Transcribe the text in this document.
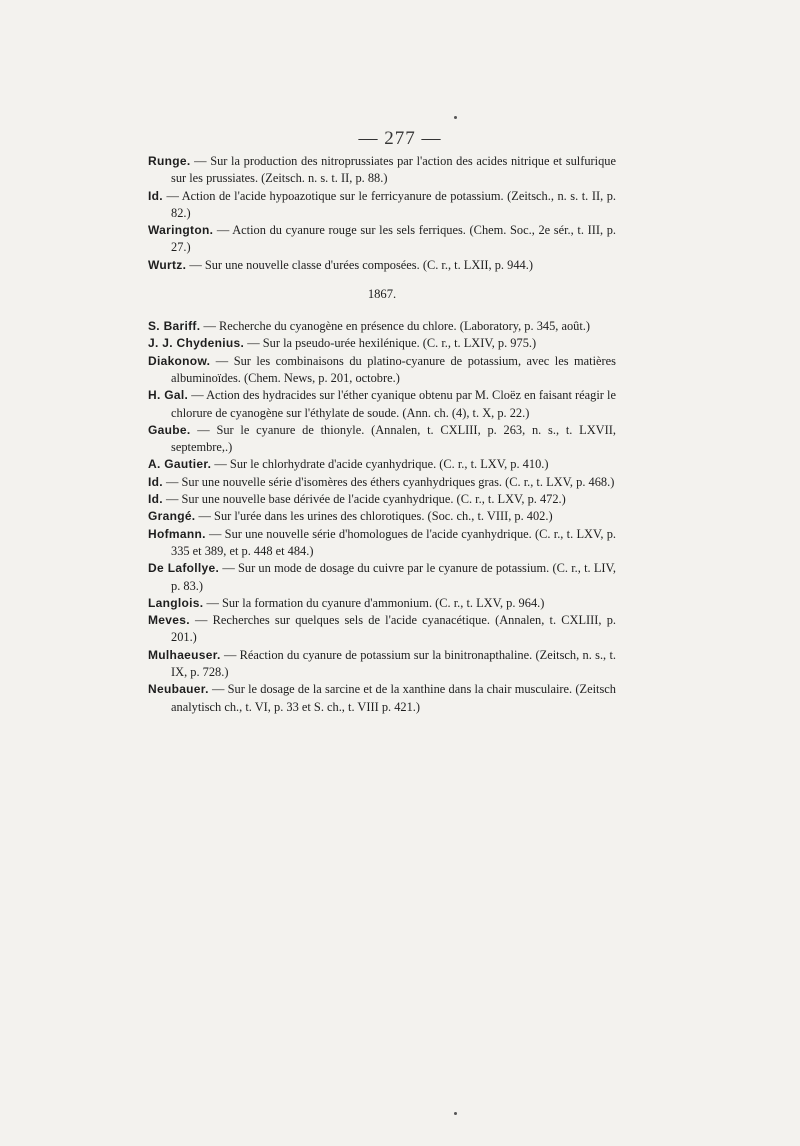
— 277 —

Runge. — Sur la production des nitroprussiates par l'action des acides nitrique et sulfurique sur les prussiates. (Zeitsch. n. s. t. II, p. 88.)

Id. — Action de l'acide hypoazotique sur le ferricyanure de potassium. (Zeitsch., n. s. t. II, p. 82.)

Warington. — Action du cyanure rouge sur les sels ferriques. (Chem. Soc., 2e sér., t. III, p. 27.)

Wurtz. — Sur une nouvelle classe d'urées composées. (C. r., t. LXII, p. 944.)

1867.

S. Bariff. — Recherche du cyanogène en présence du chlore. (Laboratory, p. 345, août.)

J. J. Chydenius. — Sur la pseudo-urée hexilénique. (C. r., t. LXIV, p. 975.)

Diakonow. — Sur les combinaisons du platino-cyanure de potassium, avec les matières albuminoïdes. (Chem. News, p. 201, octobre.)

H. Gal. — Action des hydracides sur l'éther cyanique obtenu par M. Cloëz en faisant réagir le chlorure de cyanogène sur l'éthylate de soude. (Ann. ch. (4), t. X, p. 22.)

Gaube. — Sur le cyanure de thionyle. (Annalen, t. CXLIII, p. 263, n. s., t. LXVII, septembre,.)

A. Gautier. — Sur le chlorhydrate d'acide cyanhydrique. (C. r., t. LXV, p. 410.)

Id. — Sur une nouvelle série d'isomères des éthers cyanhydriques gras. (C. r., t. LXV, p. 468.)

Id. — Sur une nouvelle base dérivée de l'acide cyanhydrique. (C. r., t. LXV, p. 472.)

Grangé. — Sur l'urée dans les urines des chlorotiques. (Soc. ch., t. VIII, p. 402.)

Hofmann. — Sur une nouvelle série d'homologues de l'acide cyanhydrique. (C. r., t. LXV, p. 335 et 389, et p. 448 et 484.)

De Lafollye. — Sur un mode de dosage du cuivre par le cyanure de potassium. (C. r., t. LIV, p. 83.)

Langlois. — Sur la formation du cyanure d'ammonium. (C. r., t. LXV, p. 964.)

Meves. — Recherches sur quelques sels de l'acide cyanacétique. (Annalen, t. CXLIII, p. 201.)

Mulhaeuser. — Réaction du cyanure de potassium sur la binitronapthaline. (Zeitsch, n. s., t. IX, p. 728.)

Neubauer. — Sur le dosage de la sarcine et de la xanthine dans la chair musculaire. (Zeitsch analytisch ch., t. VI, p. 33 et S. ch., t. VIII p. 421.)
